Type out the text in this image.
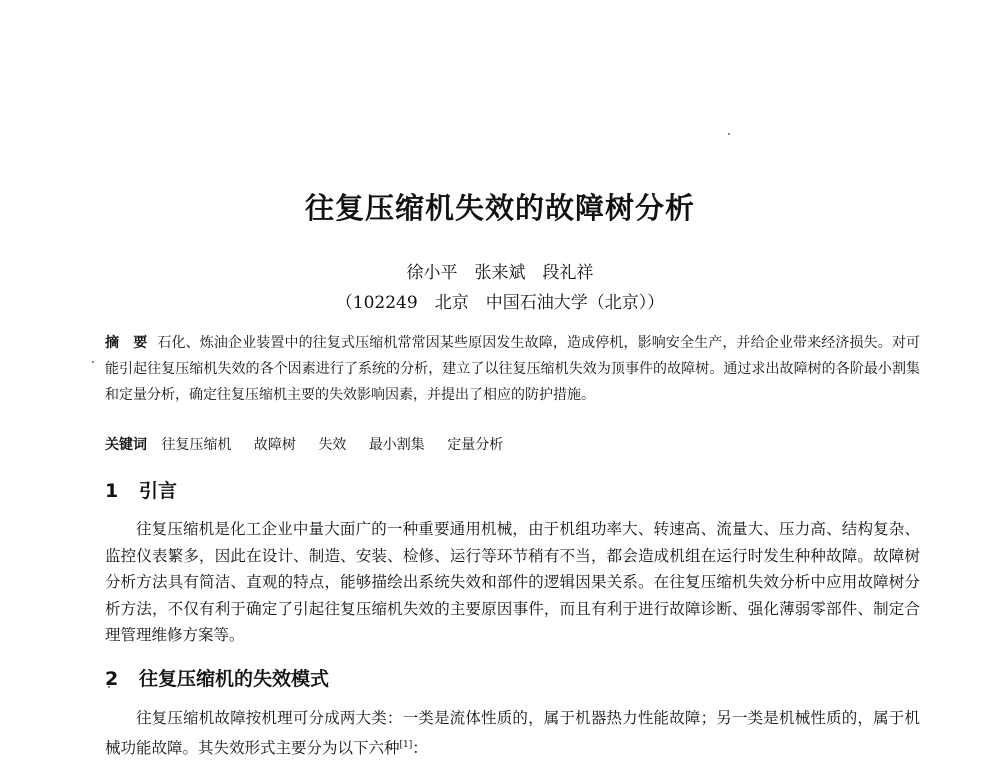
往复压缩机失效的故障树分析
徐小平　张来斌　段礼祥
（102249　北京　中国石油大学（北京））
摘　要 石化、炼油企业装置中的往复式压缩机常常因某些原因发生故障，造成停机，影响安全生产，并给企业带来经济损失。对可能引起往复压缩机失效的各个因素进行了系统的分析，建立了以往复压缩机失效为顶事件的故障树。通过求出故障树的各阶最小割集和定量分析，确定往复压缩机主要的失效影响因素，并提出了相应的防护措施。
关键词 往复压缩机 故障树 失效 最小割集 定量分析
1 引言
往复压缩机是化工企业中量大面广的一种重要通用机械，由于机组功率大、转速高、流量大、压力高、结构复杂、监控仪表繁多，因此在设计、制造、安装、检修、运行等环节稍有不当，都会造成机组在运行时发生种种故障。故障树分析方法具有简洁、直观的特点，能够描绘出系统失效和部件的逻辑因果关系。在往复压缩机失效分析中应用故障树分析方法，不仅有利于确定了引起往复压缩机失效的主要原因事件，而且有利于进行故障诊断、强化薄弱零部件、制定合理管理维修方案等。
2 往复压缩机的失效模式
往复压缩机故障按机理可分成两大类：一类是流体性质的，属于机器热力性能故障；另一类是机械性质的，属于机械功能故障。其失效形式主要分为以下六种[1]：
